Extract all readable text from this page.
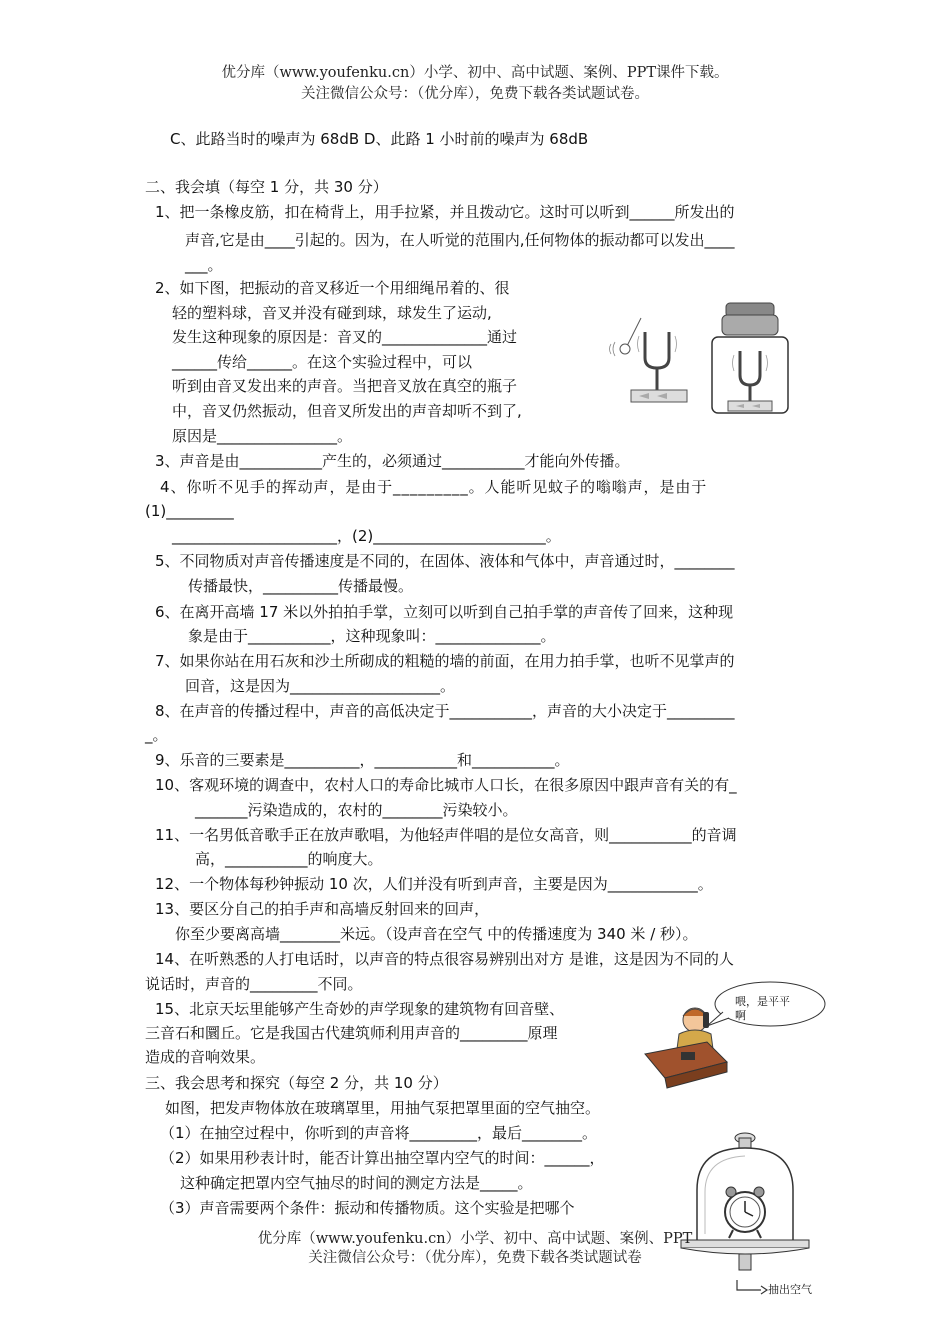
优分库（www.youfenku.cn）小学、初中、高中试题、案例、PPT课件下载。
关注微信公众号：（优分库），免费下载各类试题试卷。
C、此路当时的噪声为 68dB D、此路 1 小时前的噪声为 68dB
二、我会填（每空 1 分，共 30 分）
1、把一条橡皮筋，扣在椅背上，用手拉紧，并且拨动它。这时可以听到______所发出的
声音,它是由____引起的。因为，在人听觉的范围内,任何物体的振动都可以发出____
___。
2、如下图，把振动的音叉移近一个用细绳吊着的、很
轻的塑料球，音叉并没有碰到球，球发生了运动,
发生这种现象的原因是：音叉的______________通过
______传给______。在这个实验过程中，可以
听到由音叉发出来的声音。当把音叉放在真空的瓶子
中，音叉仍然振动，但音叉所发出的声音却听不到了,
原因是________________。
3、声音是由___________产生的，必须通过___________才能向外传播。
4、你听不见手的挥动声，是由于_________。人能听见蚊子的嗡嗡声，是由于
(1)_________
______________________，(2)_______________________。
5、不同物质对声音传播速度是不同的，在固体、液体和气体中，声音通过时，________
传播最快，__________传播最慢。
6、在离开高墙 17 米以外拍拍手掌，立刻可以听到自己拍手掌的声音传了回来，这种现
象是由于___________，这种现象叫：______________。
7、如果你站在用石灰和沙土所砌成的粗糙的墙的前面，在用力拍手掌，也听不见掌声的
回音，这是因为____________________。
8、在声音的传播过程中，声音的高低决定于___________，声音的大小决定于_________
_。
9、乐音的三要素是__________，___________和___________。
10、客观环境的调查中，农村人口的寿命比城市人口长，在很多原因中跟声音有关的有_
_______污染造成的，农村的________污染较小。
11、一名男低音歌手正在放声歌唱，为他轻声伴唱的是位女高音，则___________的音调
高，___________的响度大。
12、一个物体每秒钟振动 10 次，人们并没有听到声音，主要是因为____________。
13、要区分自己的拍手声和高墙反射回来的回声，
你至少要离高墙________米远。（设声音在空气 中的传播速度为 340 米 / 秒）。
14、在听熟悉的人打电话时，以声音的特点很容易辨别出对方 是谁，这是因为不同的人
说话时，声音的_________不同。
15、北京天坛里能够产生奇妙的声学现象的建筑物有回音壁、
三音石和圜丘。它是我国古代建筑师利用声音的_________原理
造成的音响效果。
喂，是平平
啊
三、我会思考和探究（每空 2 分，共 10 分）
如图，把发声物体放在玻璃罩里，用抽气泵把罩里面的空气抽空。
（1）在抽空过程中，你听到的声音将_________，最后________。
（2）如果用秒表计时，能否计算出抽空罩内空气的时间：______，
这种确定把罩内空气抽尽的时间的测定方法是_____。
（3）声音需要两个条件：振动和传播物质。这个实验是把哪个
抽出空气
优分库（www.youfenku.cn）小学、初中、高中试题、案例、PPT
关注微信公众号：（优分库），免费下载各类试题试卷
